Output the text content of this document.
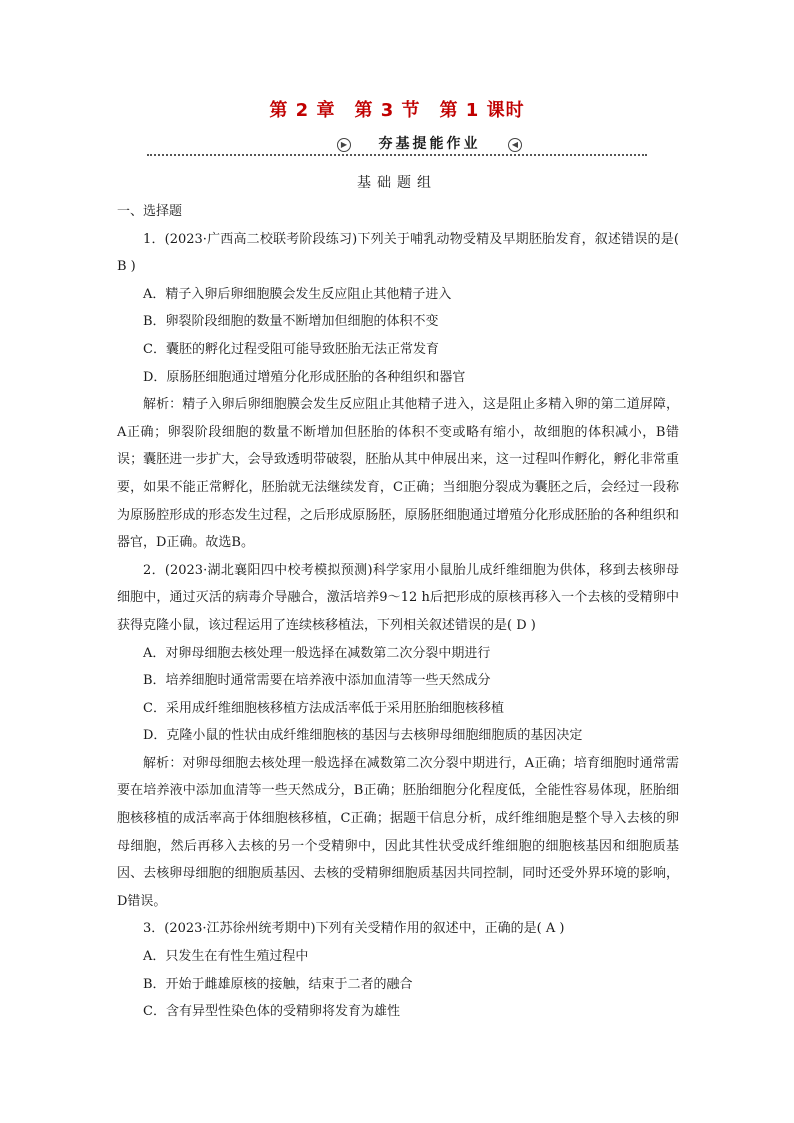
第 2 章　第 3 节　第 1 课时
▶	夯基提能作业	◀
基础题组

一、选择题

1．(2023·广西高二校联考阶段练习)下列关于哺乳动物受精及早期胚胎发育，叙述错误的是( B )

A．精子入卵后卵细胞膜会发生反应阻止其他精子进入

B．卵裂阶段细胞的数量不断增加但细胞的体积不变

C．囊胚的孵化过程受阻可能导致胚胎无法正常发育

D．原肠胚细胞通过增殖分化形成胚胎的各种组织和器官

解析：精子入卵后卵细胞膜会发生反应阻止其他精子进入，这是阻止多精入卵的第二道屏障，A正确；卵裂阶段细胞的数量不断增加但胚胎的体积不变或略有缩小，故细胞的体积减小，B错误；囊胚进一步扩大，会导致透明带破裂，胚胎从其中伸展出来，这一过程叫作孵化，孵化非常重要，如果不能正常孵化，胚胎就无法继续发育，C正确；当细胞分裂成为囊胚之后，会经过一段称为原肠腔形成的形态发生过程，之后形成原肠胚，原肠胚细胞通过增殖分化形成胚胎的各种组织和器官，D正确。故选B。

2．(2023·湖北襄阳四中校考模拟预测)科学家用小鼠胎儿成纤维细胞为供体，移到去核卵母细胞中，通过灭活的病毒介导融合，激活培养9～12 h后把形成的原核再移入一个去核的受精卵中获得克隆小鼠，该过程运用了连续核移植法，下列相关叙述错误的是( D )

A．对卵母细胞去核处理一般选择在减数第二次分裂中期进行

B．培养细胞时通常需要在培养液中添加血清等一些天然成分

C．采用成纤维细胞核移植方法成活率低于采用胚胎细胞核移植

D．克隆小鼠的性状由成纤维细胞核的基因与去核卵母细胞细胞质的基因决定

解析：对卵母细胞去核处理一般选择在减数第二次分裂中期进行，A正确；培育细胞时通常需要在培养液中添加血清等一些天然成分，B正确；胚胎细胞分化程度低，全能性容易体现，胚胎细胞核移植的成活率高于体细胞核移植，C正确；据题干信息分析，成纤维细胞是整个导入去核的卵母细胞，然后再移入去核的另一个受精卵中，因此其性状受成纤维细胞的细胞核基因和细胞质基因、去核卵母细胞的细胞质基因、去核的受精卵细胞质基因共同控制，同时还受外界环境的影响，D错误。

3．(2023·江苏徐州统考期中)下列有关受精作用的叙述中，正确的是( A )

A．只发生在有性生殖过程中

B．开始于雌雄原核的接触，结束于二者的融合

C．含有异型性染色体的受精卵将发育为雄性
